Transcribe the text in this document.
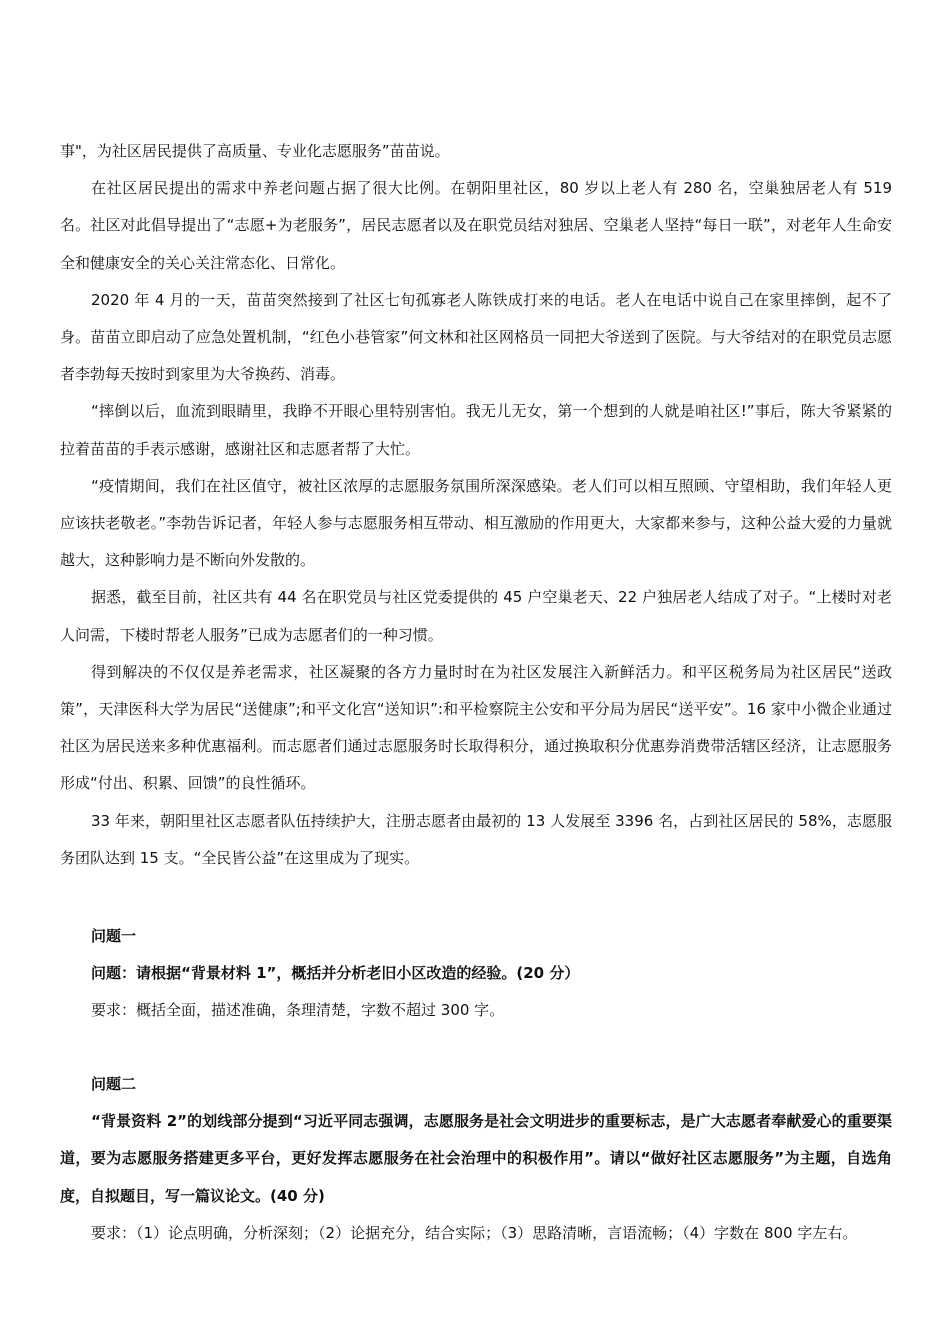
事"，为社区居民提供了高质量、专业化志愿服务”苗苗说。

在社区居民提出的需求中养老问题占据了很大比例。在朝阳里社区，80 岁以上老人有 280 名，空巢独居老人有 519 名。社区对此倡导提出了“志愿+为老服务”，居民志愿者以及在职党员结对独居、空巢老人坚持“每日一联”，对老年人生命安全和健康安全的关心关注常态化、日常化。

2020 年 4 月的一天，苗苗突然接到了社区七旬孤寡老人陈铁成打来的电话。老人在电话中说自己在家里摔倒，起不了身。苗苗立即启动了应急处置机制，“红色小巷管家”何文林和社区网格员一同把大爷送到了医院。与大爷结对的在职党员志愿者李勃每天按时到家里为大爷换药、消毒。

“摔倒以后，血流到眼睛里，我睁不开眼心里特别害怕。我无儿无女，第一个想到的人就是咱社区!”事后，陈大爷紧紧的拉着苗苗的手表示感谢，感谢社区和志愿者帮了大忙。

“疫情期间，我们在社区值守，被社区浓厚的志愿服务氛围所深深感染。老人们可以相互照顾、守望相助，我们年轻人更应该扶老敬老。”李勃告诉记者，年轻人参与志愿服务相互带动、相互激励的作用更大，大家都来参与，这种公益大爱的力量就越大，这种影响力是不断向外发散的。

据悉，截至目前，社区共有 44 名在职党员与社区党委提供的 45 户空巢老天、22 户独居老人结成了对子。“上楼时对老人问需，下楼时帮老人服务”已成为志愿者们的一种习惯。

得到解决的不仅仅是养老需求，社区凝聚的各方力量时时在为社区发展注入新鲜活力。和平区税务局为社区居民“送政策”，天津医科大学为居民“送健康”;和平文化宫“送知识”:和平检察院主公安和平分局为居民“送平安”。16 家中小微企业通过社区为居民送来多种优惠福利。而志愿者们通过志愿服务时长取得积分，通过换取积分优惠券消费带活辖区经济，让志愿服务形成“付出、积累、回馈”的良性循环。

33 年来，朝阳里社区志愿者队伍持续护大，注册志愿者由最初的 13 人发展至 3396 名，占到社区居民的 58%，志愿服务团队达到 15 支。“全民皆公益”在这里成为了现实。

问题一

问题：请根据“背景材料 1”，概括并分析老旧小区改造的经验。(20 分）

要求：概括全面，描述准确，条理清楚，字数不超过 300 字。

问题二

“背景资料 2”的划线部分提到“习近平同志强调，志愿服务是社会文明进步的重要标志，是广大志愿者奉献爱心的重要渠道，要为志愿服务搭建更多平台，更好发挥志愿服务在社会治理中的积极作用”。请以“做好社区志愿服务”为主题，自选角度，自拟题目，写一篇议论文。(40 分)

要求：（1）论点明确，分析深刻；（2）论据充分，结合实际；（3）思路清晰，言语流畅；（4）字数在 800 字左右。
